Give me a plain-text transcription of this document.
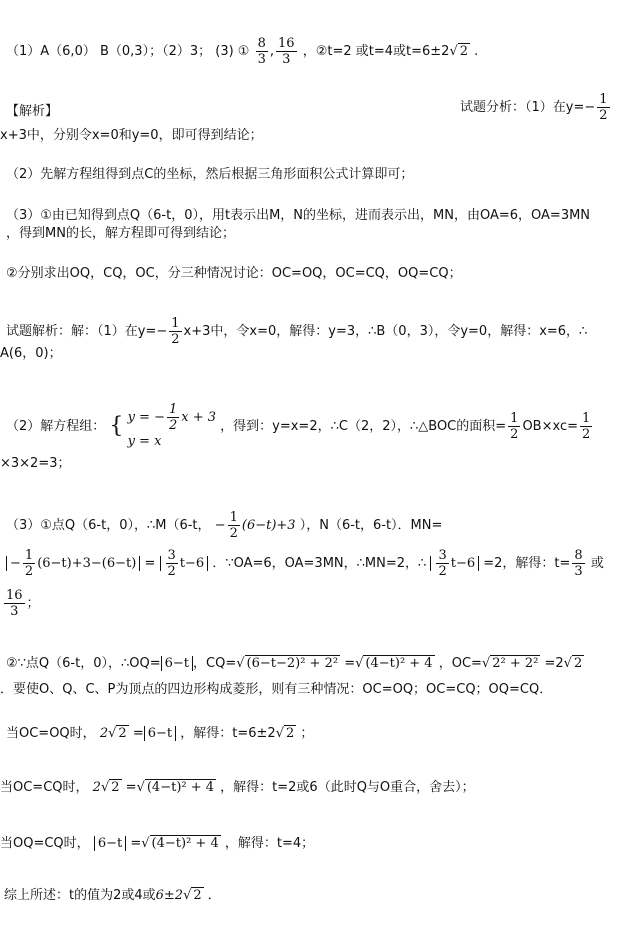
（1）A（6,0） B（0,3）；（2）3； (3) ① $\frac{8}{3}$ , $\frac{16}{3}$ ，②t=2 或t=4或t=6±2√ 2 .
【解析】	试题分析：（1）在$y=- \frac{1}{2}$
x+3中，分别令x=0和y=0，即可得到结论；
（2）先解方程组得到点C的坐标，然后根据三角形面积公式计算即可；
（3）①由已知得到点Q（6-t，0），用t表示出M，N的坐标，进而表示出，MN，由OA=6，OA=3MN
，得到MN的长，解方程即可得到结论；
②分别求出OQ，CQ，OC，分三种情况讨论：OC=OQ，OC=CQ，OQ=CQ；
试题解析：解：（1）在$y=- \frac{1}{2} x+3$中，令x=0，解得：y=3，∴B（0，3），令y=0，解得：x=6，∴
A(6，0)；
（2）解方程组： { y = − $\frac{1}{2}$ x + 3
y = x
，得到：y=x=2，∴C（2，2），∴△BOC的面积= $\frac{1}{2} OB\times xc= \frac{1}{2}$
×3×2=3；
（3）①点Q（6-t，0），∴M（6-t， − $\frac{1}{2} (6-t)+3$ ），N（6-t，6-t）．MN=
− $\frac{1}{2} (6-t)+3-(6-t) = \frac{3}{2} t-6$ ．∵OA=6，OA=3MN，∴MN=2，∴ $\frac{3}{2} t-6 =2$，解得：$t= \frac{8}{3}$ 或
$\frac{16}{3}$ ；
②∵点Q（6-t，0），∴OQ= 6−t ，CQ=√ (6−t−2)² + 2² =√ (4−t)² + 4 ，OC=√ 2² + 2² =2√ 2
．要使O、Q、C、P为顶点的四边形构成菱形，则有三种情况：OC=OQ；OC=CQ；OQ=CQ．
当OC=OQ时， 2√ 2 = 6−t ，解得：t=6±2√ 2 ；
当OC=CQ时， 2√ 2 =√ (4−t)² + 4 ，解得：t=2或6（此时Q与O重合，舍去）；
当OQ=CQ时， 6−t =√ (4−t)² + 4 ，解得：t=4；
综上所述：t的值为2或4或6±2√ 2 ．
